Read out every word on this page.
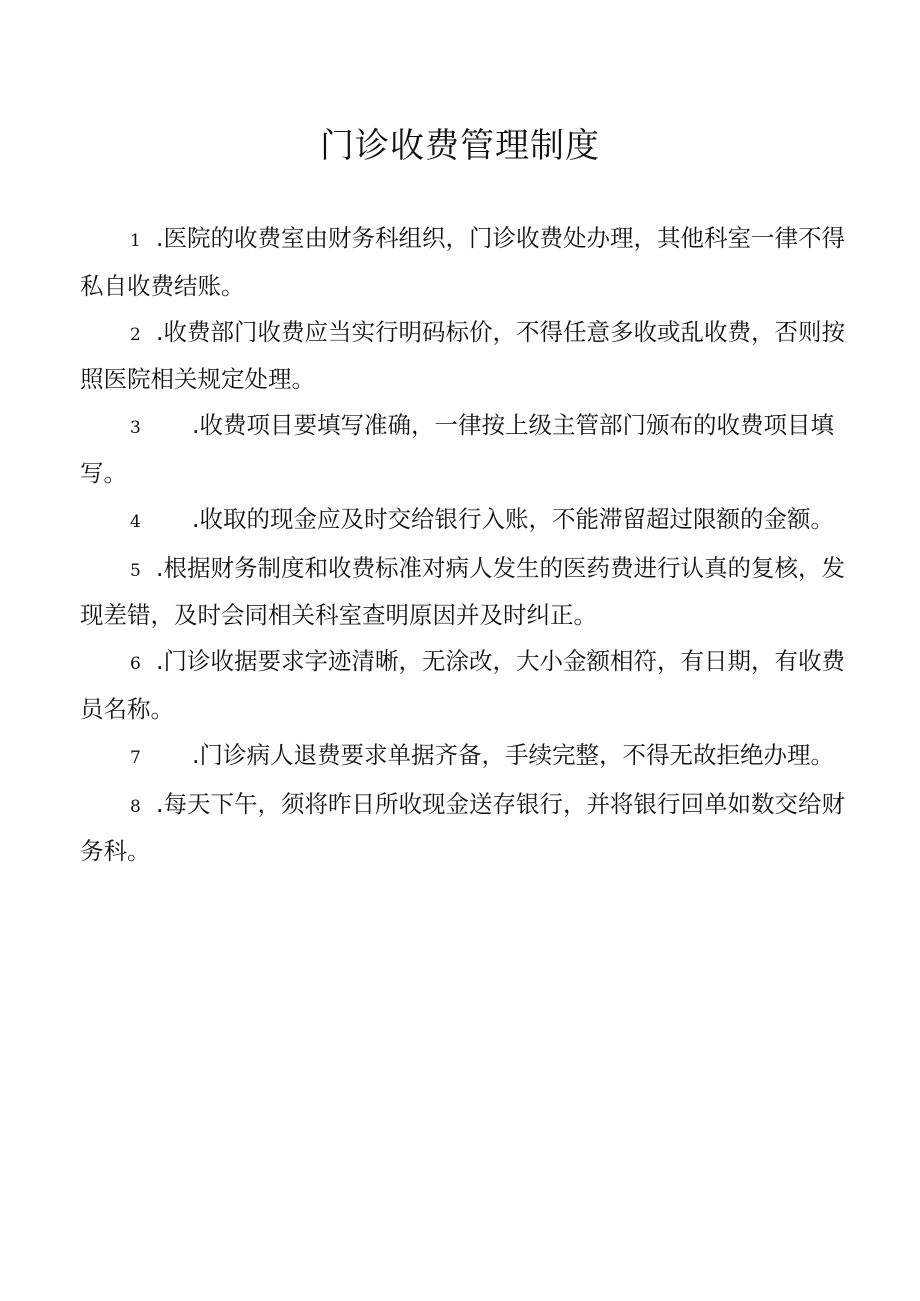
门诊收费管理制度
1 .医院的收费室由财务科组织，门诊收费处办理，其他科室一律不得私自收费结账。
2 .收费部门收费应当实行明码标价，不得任意多收或乱收费，否则按照医院相关规定处理。
3 .收费项目要填写准确，一律按上级主管部门颁布的收费项目填写。
4 .收取的现金应及时交给银行入账，不能滞留超过限额的金额。
5 .根据财务制度和收费标准对病人发生的医药费进行认真的复核，发现差错，及时会同相关科室查明原因并及时纠正。
6 .门诊收据要求字迹清晰，无涂改，大小金额相符，有日期，有收费员名称。
7 .门诊病人退费要求单据齐备，手续完整，不得无故拒绝办理。
8 .每天下午，须将昨日所收现金送存银行，并将银行回单如数交给财务科。
